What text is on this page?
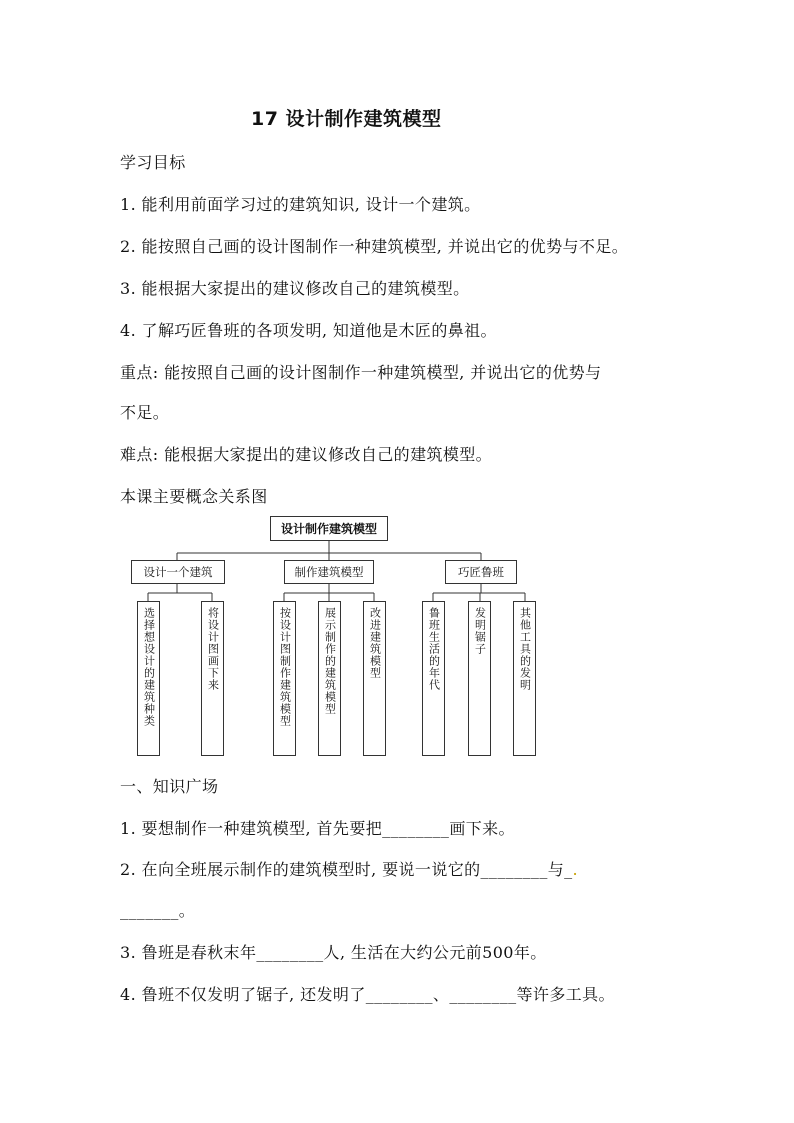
17 设计制作建筑模型
学习目标
1. 能利用前面学习过的建筑知识, 设计一个建筑。
2. 能按照自己画的设计图制作一种建筑模型, 并说出它的优势与不足。
3. 能根据大家提出的建议修改自己的建筑模型。
4. 了解巧匠鲁班的各项发明, 知道他是木匠的鼻祖。
重点: 能按照自己画的设计图制作一种建筑模型, 并说出它的优势与
不足。
难点: 能根据大家提出的建议修改自己的建筑模型。
本课主要概念关系图
设计制作建筑模型
设计一个建筑	制作建筑模型	巧匠鲁班
选择想设计的建筑种类	将设计图画下来	按设计图制作建筑模型	展示制作的建筑模型	改进建筑模型	鲁班生活的年代	发明锯子	其他工具的发明
一、知识广场
1. 要想制作一种建筑模型, 首先要把________画下来。
2. 在向全班展示制作的建筑模型时, 要说一说它的________与_.
_______。
3. 鲁班是春秋末年________人, 生活在大约公元前500年。
4. 鲁班不仅发明了锯子, 还发明了________、________等许多工具。
